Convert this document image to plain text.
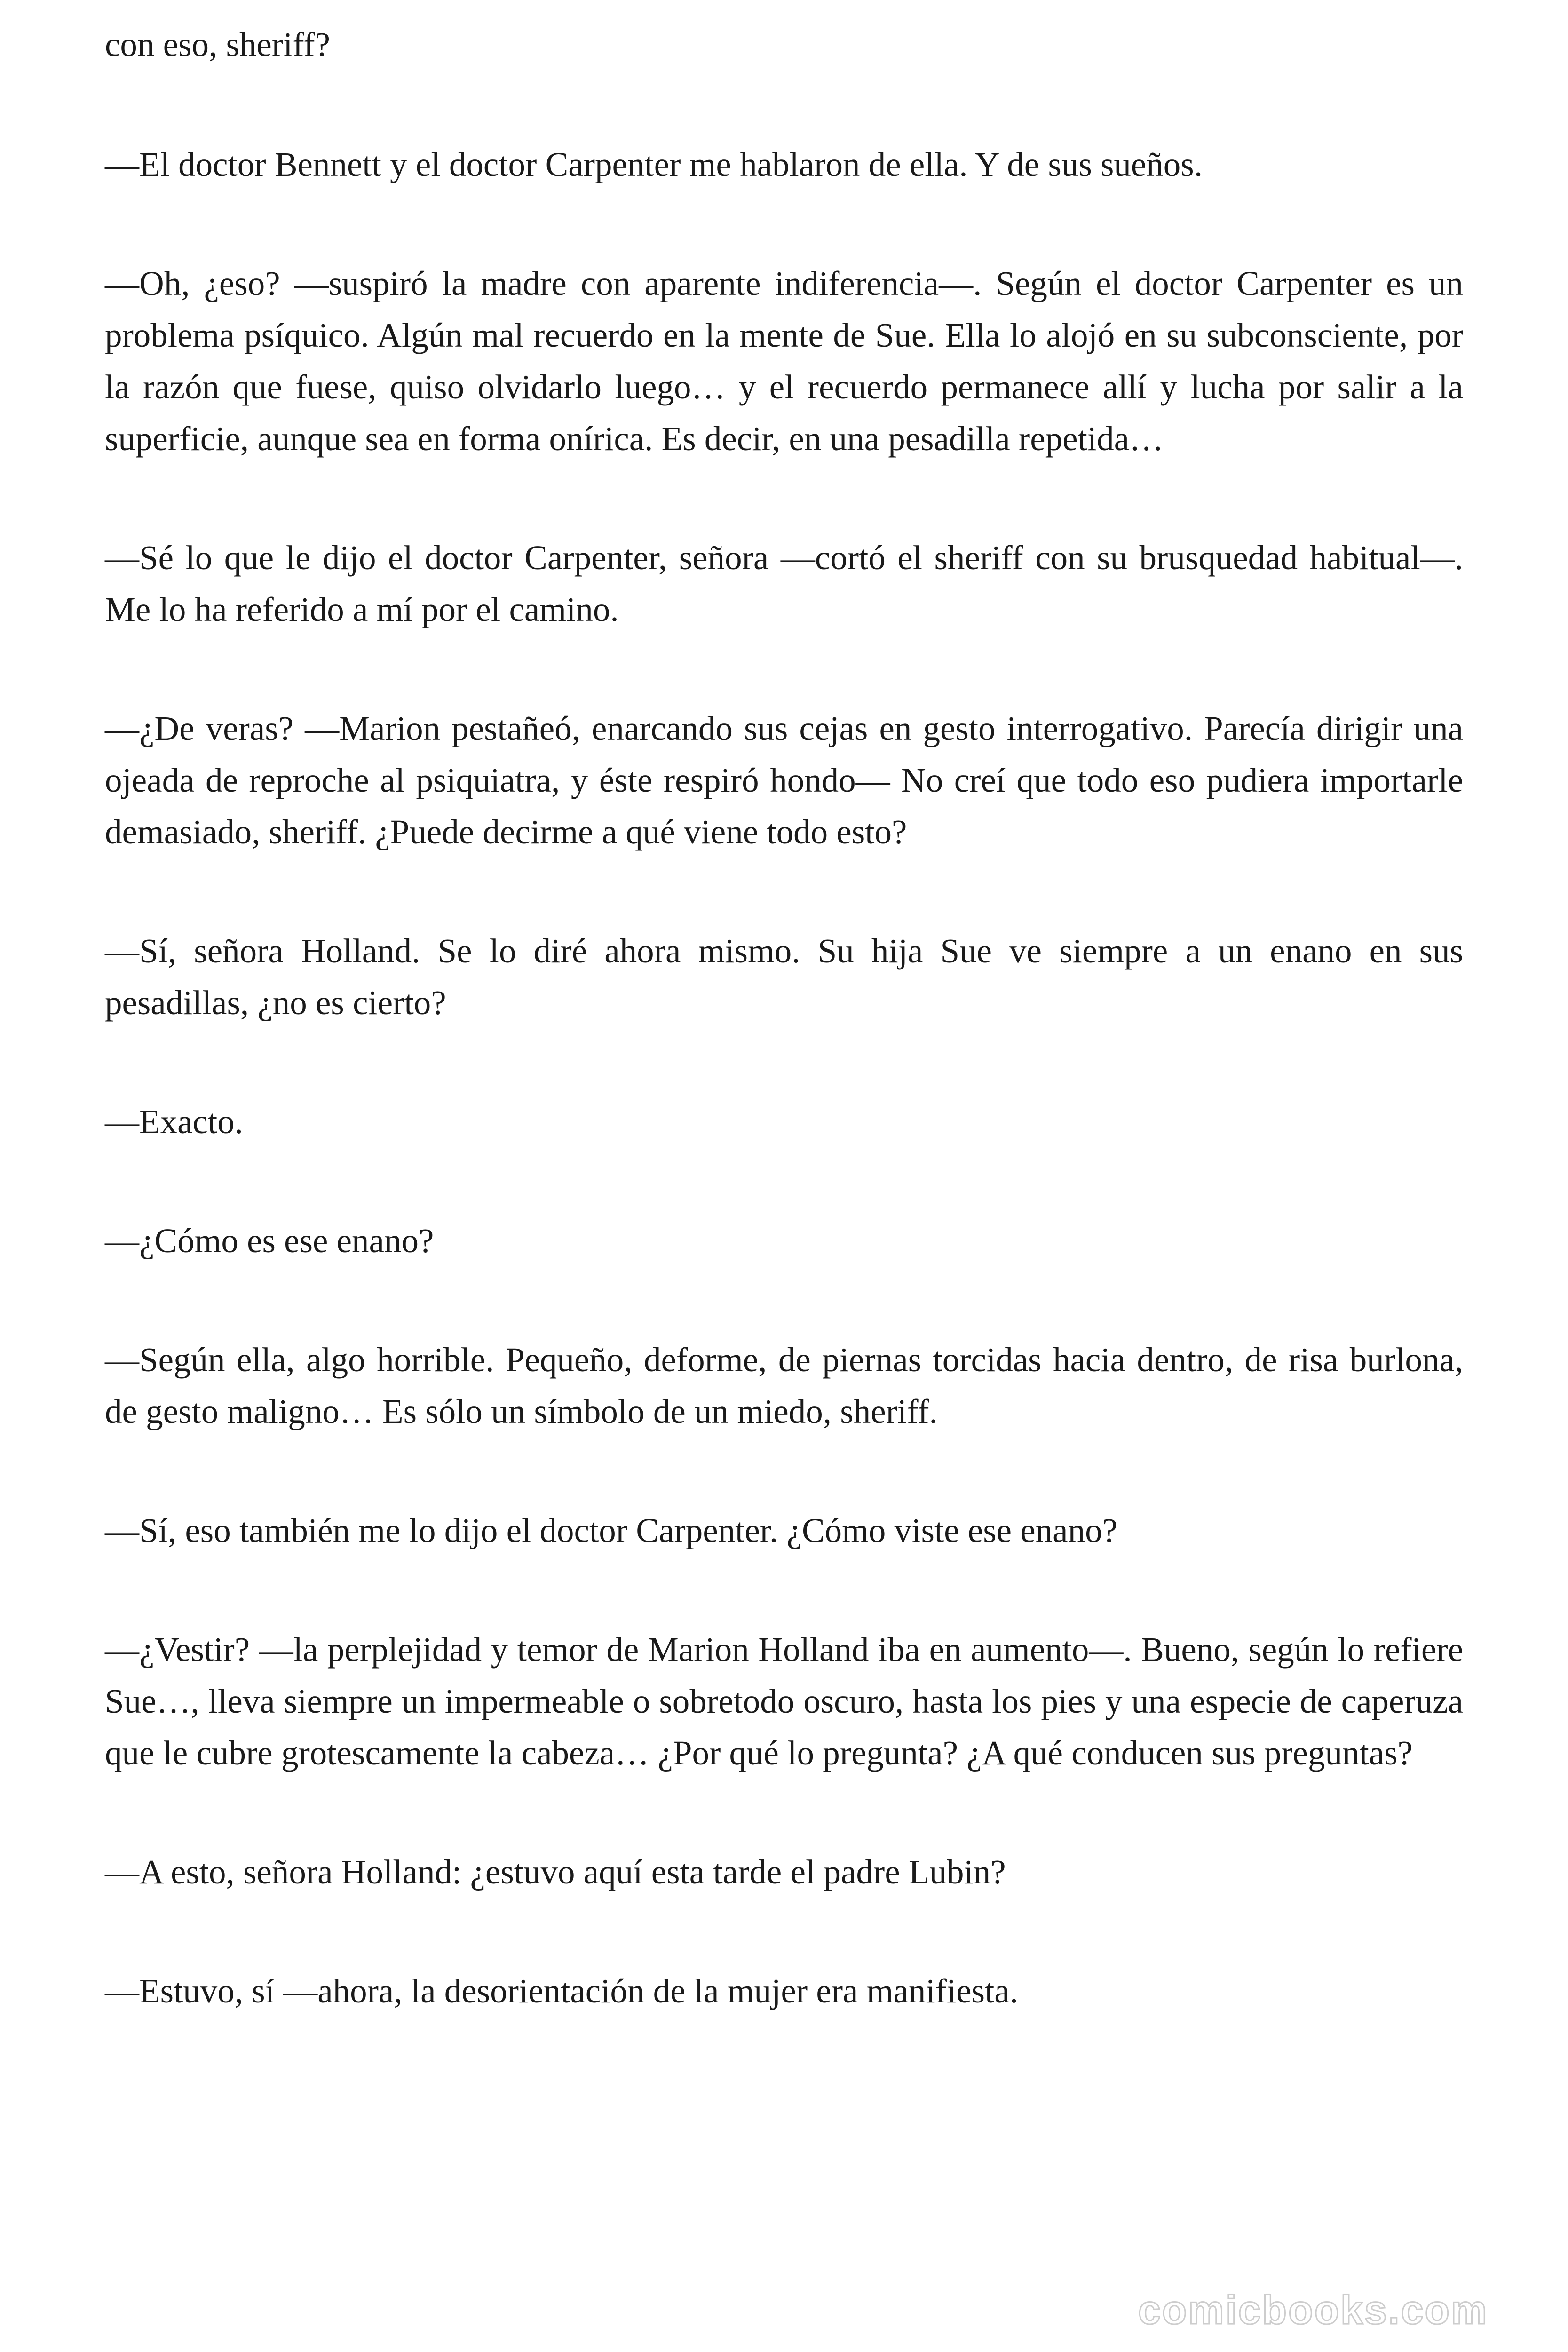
con eso, sheriff?

—El doctor Bennett y el doctor Carpenter me hablaron de ella. Y de sus sueños.

—Oh, ¿eso? —suspiró la madre con aparente indiferencia—. Según el doctor Carpenter es un problema psíquico. Algún mal recuerdo en la mente de Sue. Ella lo alojó en su subconsciente, por la razón que fuese, quiso olvidarlo luego… y el recuerdo permanece allí y lucha por salir a la superficie, aunque sea en forma onírica. Es decir, en una pesadilla repetida…

—Sé lo que le dijo el doctor Carpenter, señora —cortó el sheriff con su brusquedad habitual—. Me lo ha referido a mí por el camino.

—¿De veras? —Marion pestañeó, enarcando sus cejas en gesto interrogativo. Parecía dirigir una ojeada de reproche al psiquiatra, y éste respiró hondo— No creí que todo eso pudiera importarle demasiado, sheriff. ¿Puede decirme a qué viene todo esto?

—Sí, señora Holland. Se lo diré ahora mismo. Su hija Sue ve siempre a un enano en sus pesadillas, ¿no es cierto?

—Exacto.

—¿Cómo es ese enano?

—Según ella, algo horrible. Pequeño, deforme, de piernas torcidas hacia dentro, de risa burlona, de gesto maligno… Es sólo un símbolo de un miedo, sheriff.

—Sí, eso también me lo dijo el doctor Carpenter. ¿Cómo viste ese enano?

—¿Vestir? —la perplejidad y temor de Marion Holland iba en aumento—. Bueno, según lo refiere Sue…, lleva siempre un impermeable o sobretodo oscuro, hasta los pies y una especie de caperuza que le cubre grotescamente la cabeza… ¿Por qué lo pregunta? ¿A qué conducen sus preguntas?

—A esto, señora Holland: ¿estuvo aquí esta tarde el padre Lubin?

—Estuvo, sí —ahora, la desorientación de la mujer era manifiesta.

comicbooks.com
